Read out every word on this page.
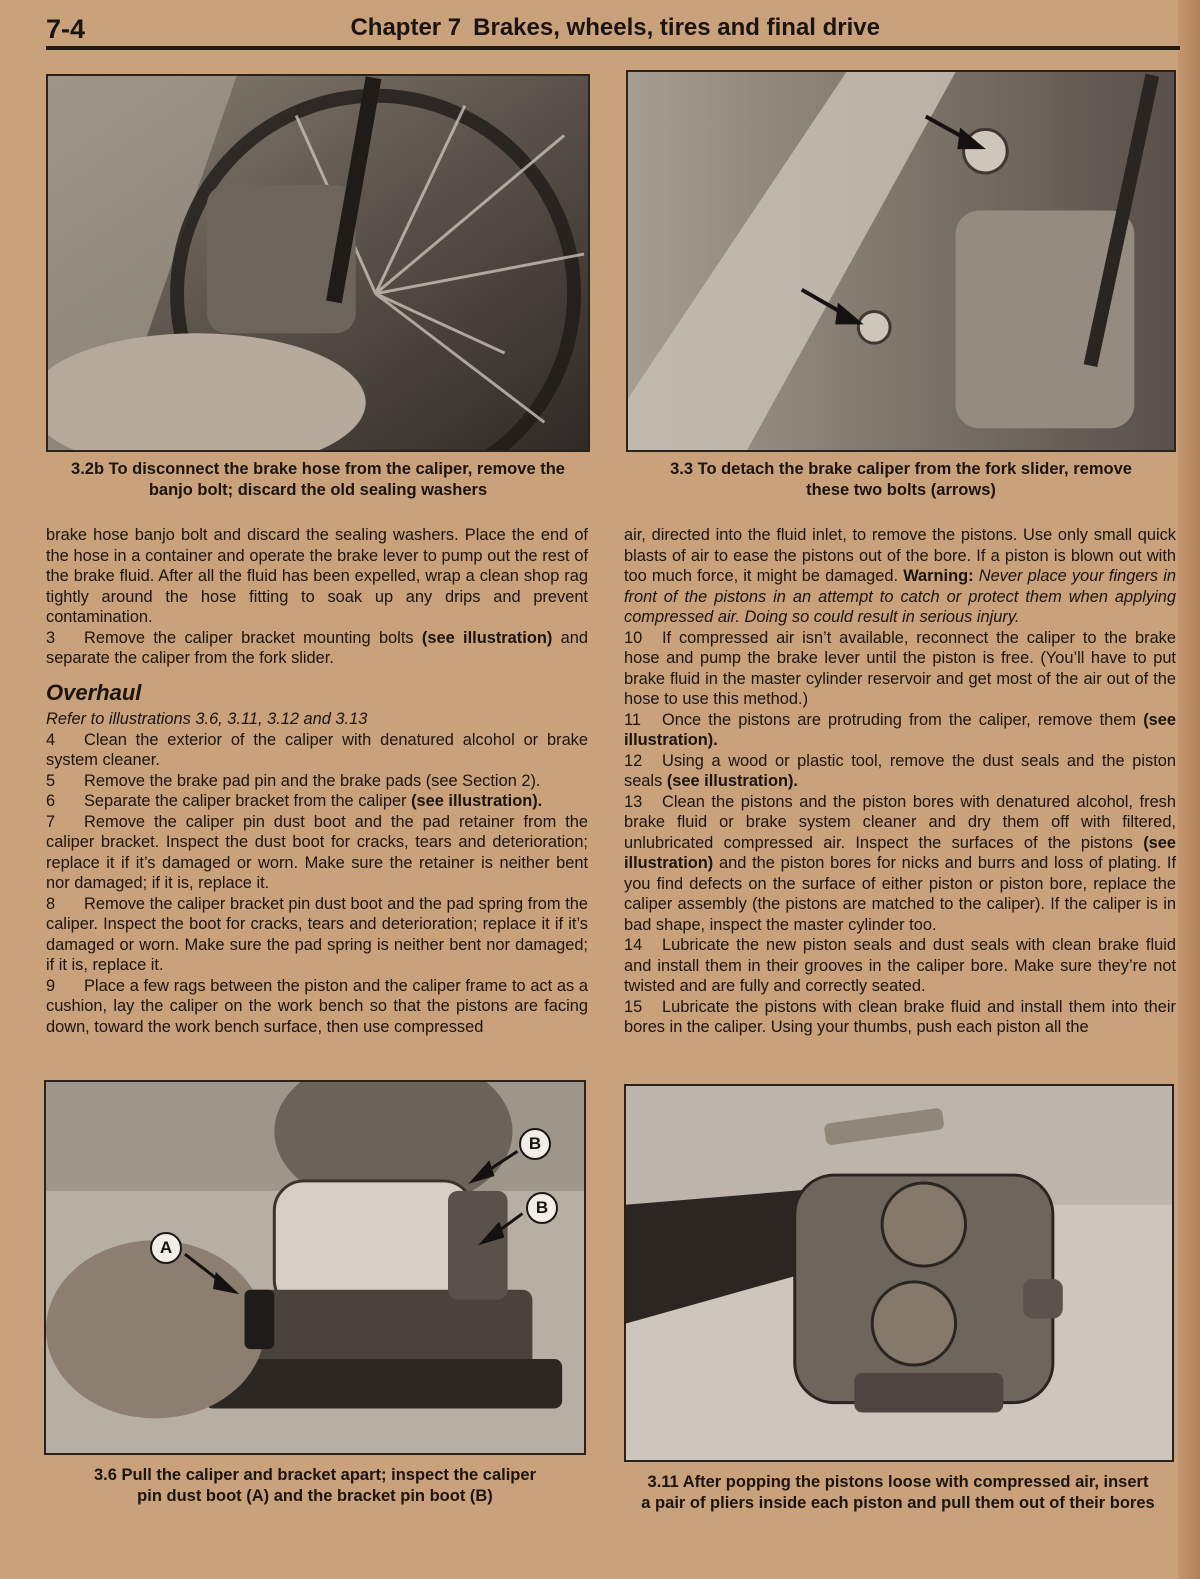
7-4	Chapter 7 Brakes, wheels, tires and final drive
3.2b To disconnect the brake hose from the caliper, remove the
banjo bolt; discard the old sealing washers
3.3 To detach the brake caliper from the fork slider, remove
these two bolts (arrows)

brake hose banjo bolt and discard the sealing washers. Place the end of the hose in a container and operate the brake lever to pump out the rest of the brake fluid. After all the fluid has been expelled, wrap a clean shop rag tightly around the hose fitting to soak up any drips and prevent contamination.

3 Remove the caliper bracket mounting bolts (see illustration) and separate the caliper from the fork slider.

Overhaul

Refer to illustrations 3.6, 3.11, 3.12 and 3.13

4 Clean the exterior of the caliper with denatured alcohol or brake system cleaner.

5 Remove the brake pad pin and the brake pads (see Section 2).

6 Separate the caliper bracket from the caliper (see illustration).

7 Remove the caliper pin dust boot and the pad retainer from the caliper bracket. Inspect the dust boot for cracks, tears and deterioration; replace it if it’s damaged or worn. Make sure the retainer is neither bent nor damaged; if it is, replace it.

8 Remove the caliper bracket pin dust boot and the pad spring from the caliper. Inspect the boot for cracks, tears and deterioration; replace it if it’s damaged or worn. Make sure the pad spring is neither bent nor damaged; if it is, replace it.

9 Place a few rags between the piston and the caliper frame to act as a cushion, lay the caliper on the work bench so that the pistons are facing down, toward the work bench surface, then use compressed

air, directed into the fluid inlet, to remove the pistons. Use only small quick blasts of air to ease the pistons out of the bore. If a piston is blown out with too much force, it might be damaged. Warning: Never place your fingers in front of the pistons in an attempt to catch or protect them when applying compressed air. Doing so could result in serious injury.

10 If compressed air isn’t available, reconnect the caliper to the brake hose and pump the brake lever until the piston is free. (You’ll have to put brake fluid in the master cylinder reservoir and get most of the air out of the hose to use this method.)

11 Once the pistons are protruding from the caliper, remove them (see illustration).

12 Using a wood or plastic tool, remove the dust seals and the piston seals (see illustration).

13 Clean the pistons and the piston bores with denatured alcohol, fresh brake fluid or brake system cleaner and dry them off with filtered, unlubricated compressed air. Inspect the surfaces of the pistons (see illustration) and the piston bores for nicks and burrs and loss of plating. If you find defects on the surface of either piston or piston bore, replace the caliper assembly (the pistons are matched to the caliper). If the caliper is in bad shape, inspect the master cylinder too.

14 Lubricate the new piston seals and dust seals with clean brake fluid and install them in their grooves in the caliper bore. Make sure they’re not twisted and are fully and correctly seated.

15 Lubricate the pistons with clean brake fluid and install them into their bores in the caliper. Using your thumbs, push each piston all the

A
B
B
3.6 Pull the caliper and bracket apart; inspect the caliper
pin dust boot (A) and the bracket pin boot (B)
3.11 After popping the pistons loose with compressed air, insert
a pair of pliers inside each piston and pull them out of their bores
